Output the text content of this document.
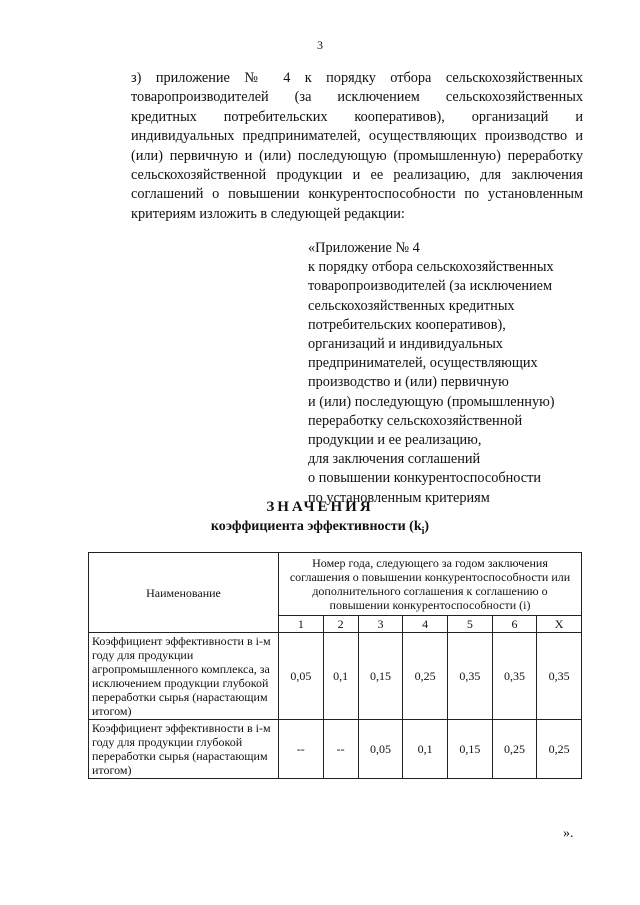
3
з) приложение № 4 к порядку отбора сельскохозяйственных товаропроизводителей (за исключением сельскохозяйственных кредитных потребительских кооперативов), организаций и индивидуальных предпринимателей, осуществляющих производство и (или) первичную и (или) последующую (промышленную) переработку сельскохозяйственной продукции и ее реализацию, для заключения соглашений о повышении конкурентоспособности по установленным критериям изложить в следующей редакции:
«Приложение № 4
к порядку отбора сельскохозяйственных
товаропроизводителей (за исключением
сельскохозяйственных кредитных
потребительских кооперативов),
организаций и индивидуальных
предпринимателей, осуществляющих
производство и (или) первичную
и (или) последующую (промышленную)
переработку сельскохозяйственной
продукции и ее реализацию,
для заключения соглашений
о повышении конкурентоспособности
по установленным критериям
ЗНАЧЕНИЯ
коэффициента эффективности $(k_i)$
Наименование	Номер года, следующего за годом заключения соглашения о повышении конкурентоспособности или дополнительного соглашения к соглашению о повышении конкурентоспособности (i)						
	1	2	3	4	5	6	X
Коэффициент эффективности в i-м году для продукции агропромышленного комплекса, за исключением продукции глубокой переработки сырья (нарастающим итогом)	0,05	0,1	0,15	0,25	0,35	0,35	0,35
Коэффициент эффективности в i-м году для продукции глубокой переработки сырья (нарастающим итогом)	--	--	0,05	0,1	0,15	0,25	0,25
».
